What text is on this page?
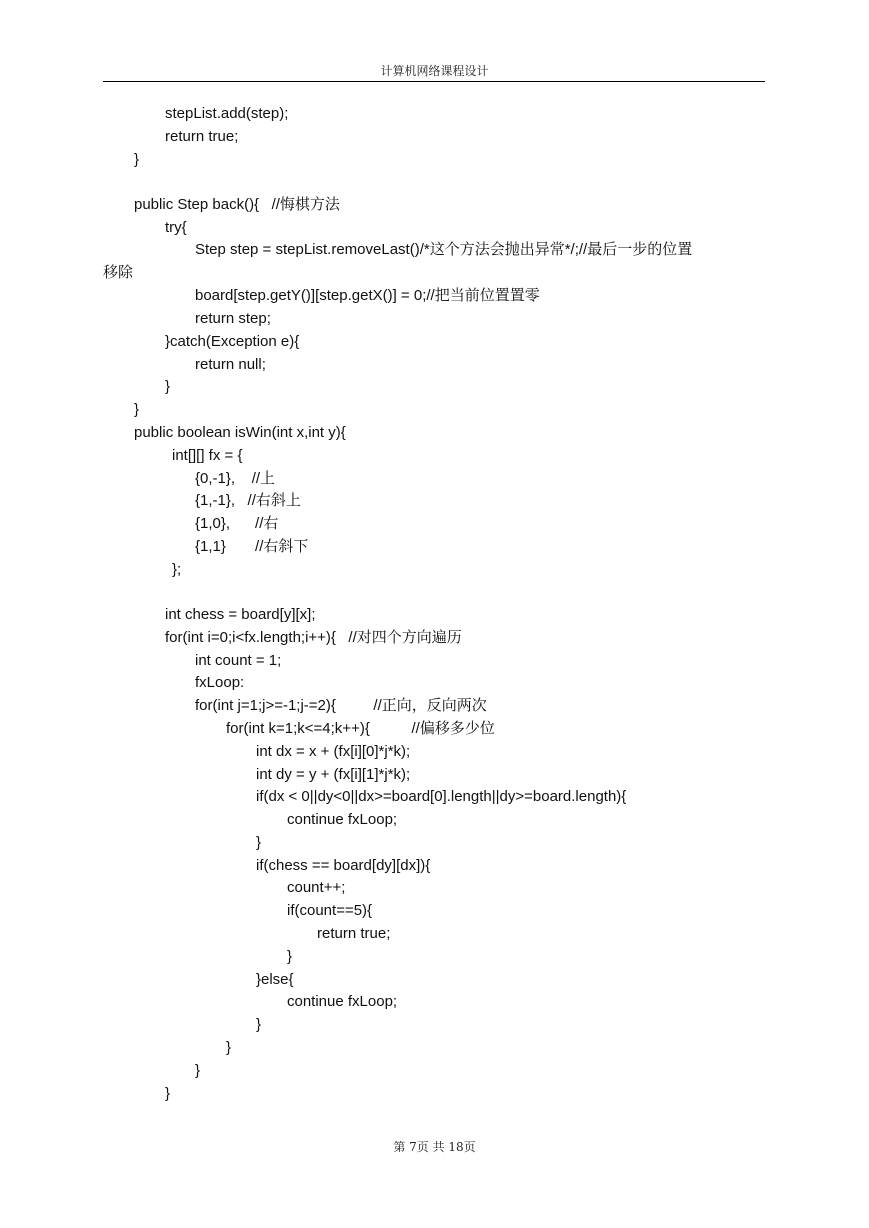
计算机网络课程设计
stepList.add(step);
return true;
}
public Step back(){   //悔棋方法
try{
Step step = stepList.removeLast()/*这个方法会抛出异常*/;//最后一步的位置
移除
board[step.getY()][step.getX()] = 0;//把当前位置置零
return step;
}catch(Exception e){
return null;
}
}
public boolean isWin(int x,int y){
int[][] fx = {
{0,-1},    //上
{1,-1},   //右斜上
{1,0},      //右
{1,1}       //右斜下
};
int chess = board[y][x];
for(int i=0;i<fx.length;i++){   //对四个方向遍历
int count = 1;
fxLoop:
for(int j=1;j>=-1;j-=2){         //正向，反向两次
for(int k=1;k<=4;k++){          //偏移多少位
int dx = x + (fx[i][0]*j*k);
int dy = y + (fx[i][1]*j*k);
if(dx < 0||dy<0||dx>=board[0].length||dy>=board.length){
continue fxLoop;
}
if(chess == board[dy][dx]){
count++;
if(count==5){
return true;
}
}else{
continue fxLoop;
}
}
}
}
第 7页 共 18页
